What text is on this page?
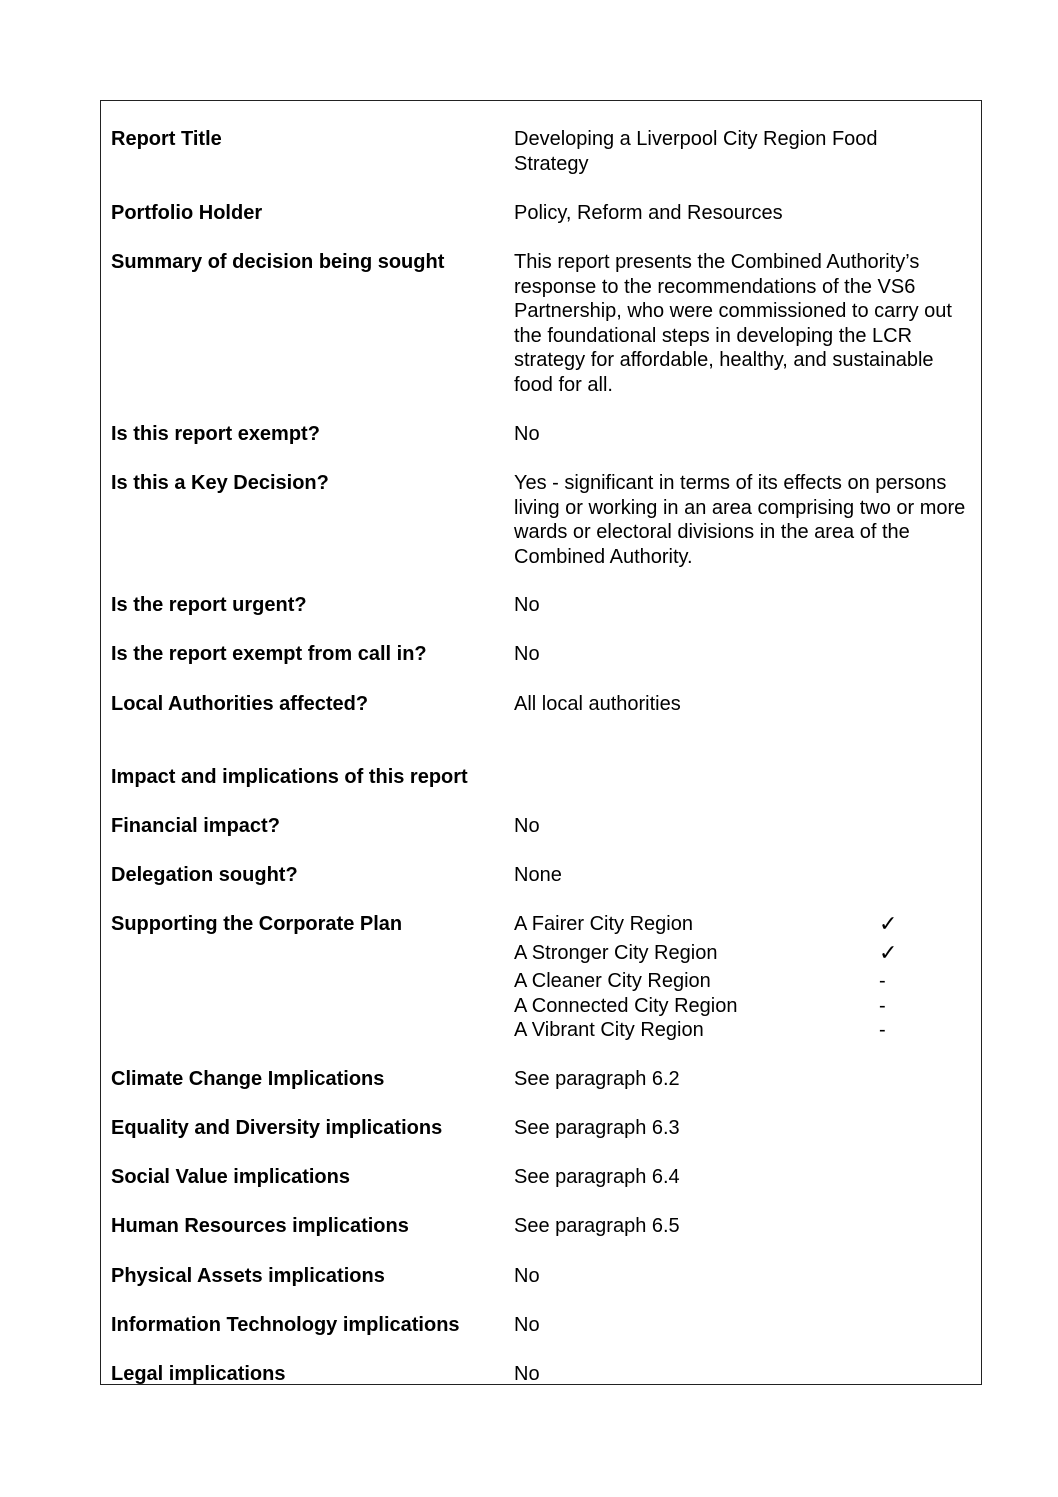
Report Title	Developing a Liverpool City Region Food Strategy
Portfolio Holder	Policy, Reform and Resources
Summary of decision being sought	This report presents the Combined Authority’s response to the recommendations of the VS6 Partnership, who were commissioned to carry out the foundational steps in developing the LCR strategy for affordable, healthy, and sustainable food for all.
Is this report exempt?	No
Is this a Key Decision?	Yes - significant in terms of its effects on persons living or working in an area comprising two or more wards or electoral divisions in the area of the Combined Authority.
Is the report urgent?	No
Is the report exempt from call in?	No
Local Authorities affected?	All local authorities
Impact and implications of this report
Financial impact?	No
Delegation sought?	None
Supporting the Corporate Plan	A Fairer City Region	✓
A Stronger City Region	✓
A Cleaner City Region	-
A Connected City Region	-
A Vibrant City Region	-
Climate Change Implications	See paragraph 6.2
Equality and Diversity implications	See paragraph 6.3
Social Value implications	See paragraph 6.4
Human Resources implications	See paragraph 6.5
Physical Assets implications	No
Information Technology implications	No
Legal implications	No
